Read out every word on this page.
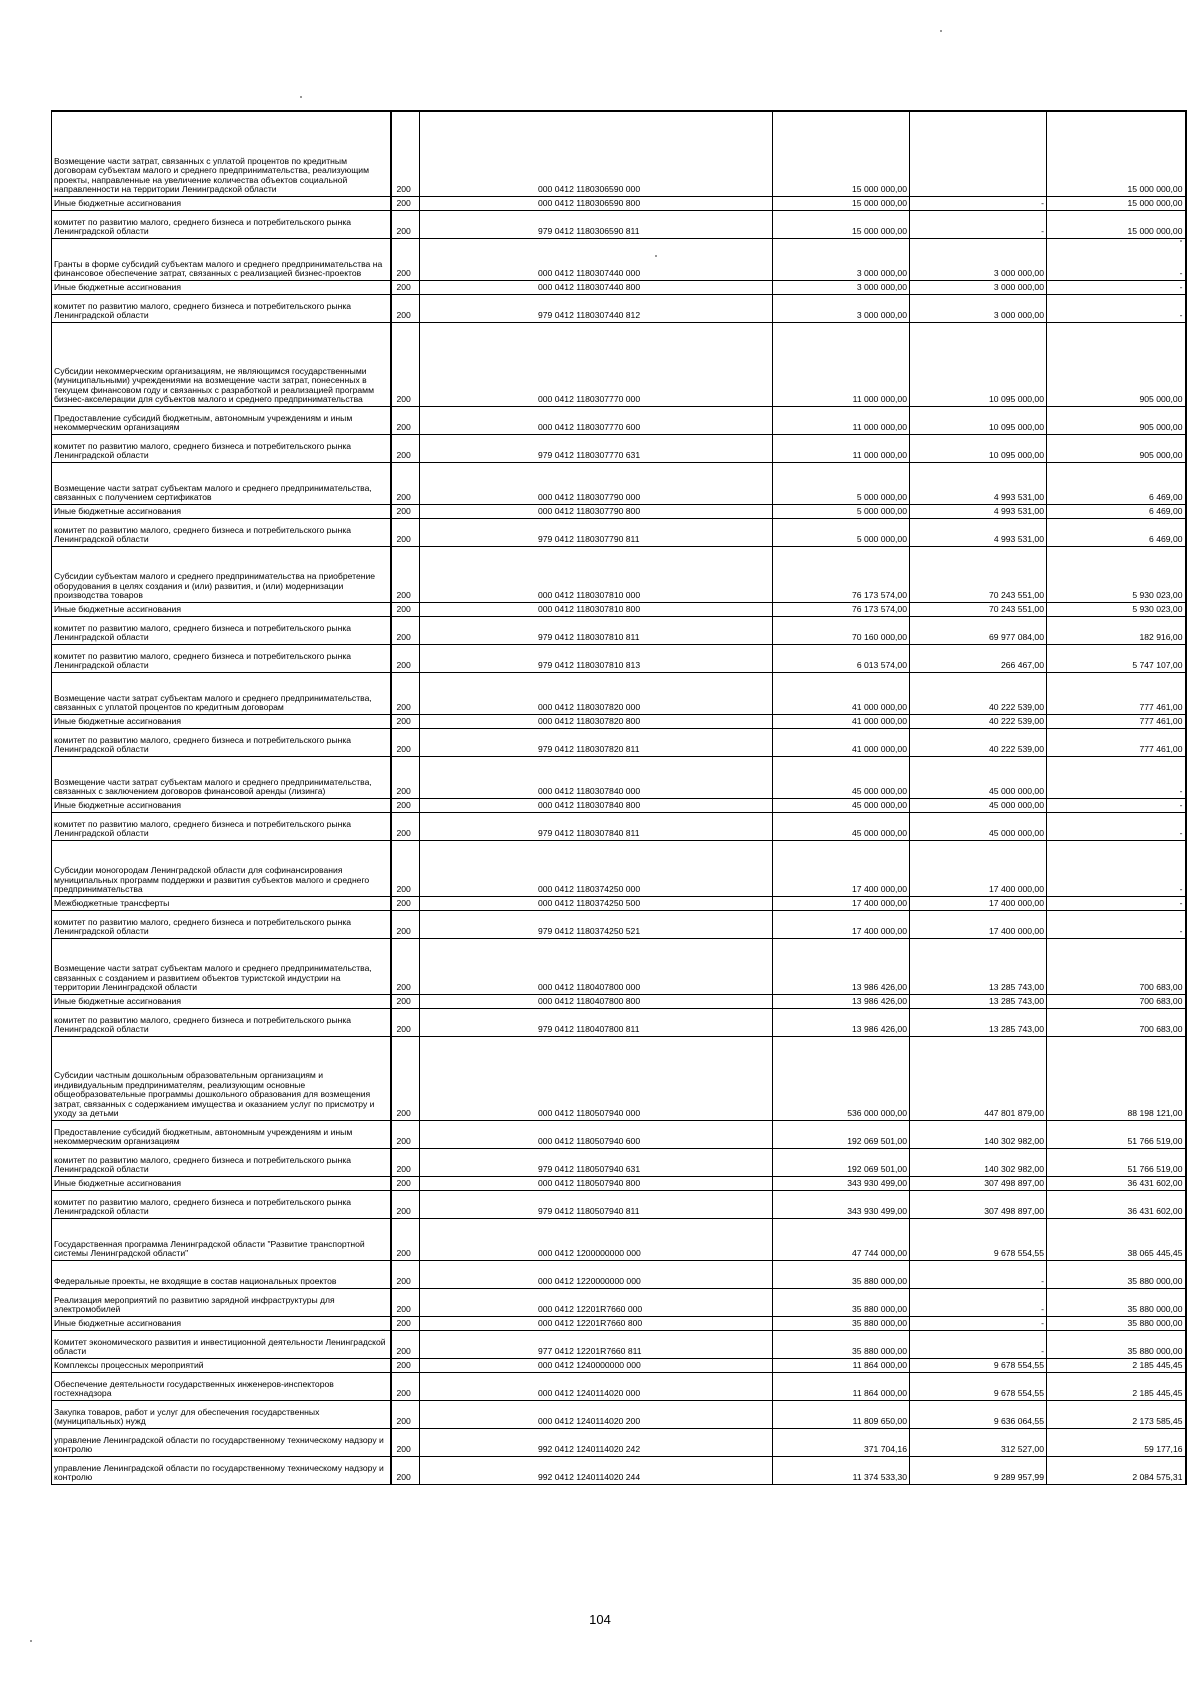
Возмещение части затрат, связанных с уплатой процентов по кредитным договорам субъектам малого и среднего предпринимательства, реализующим проекты, направленные на увеличение количества объектов социальной направленности на территории Ленинградской области	200	000 0412 1180306590 000	15 000 000,00		15 000 000,00
Иные бюджетные ассигнования	200	000 0412 1180306590 800	15 000 000,00	-	15 000 000,00
комитет по развитию малого, среднего бизнеса и потребительского рынка Ленинградской области	200	979 0412 1180306590 811	15 000 000,00	-	15 000 000,00
Гранты в форме субсидий субъектам малого и среднего предпринимательства на финансовое обеспечение затрат, связанных с реализацией бизнес-проектов	200	000 0412 1180307440 000	3 000 000,00	3 000 000,00	-
Иные бюджетные ассигнования	200	000 0412 1180307440 800	3 000 000,00	3 000 000,00	-
комитет по развитию малого, среднего бизнеса и потребительского рынка Ленинградской области	200	979 0412 1180307440 812	3 000 000,00	3 000 000,00	-
Субсидии некоммерческим организациям, не являющимся государственными (муниципальными) учреждениями на возмещение части затрат, понесенных в текущем финансовом году и связанных с разработкой и реализацией программ бизнес-акселерации для субъектов малого и среднего предпринимательства	200	000 0412 1180307770 000	11 000 000,00	10 095 000,00	905 000,00
Предоставление субсидий бюджетным, автономным учреждениям и иным некоммерческим организациям	200	000 0412 1180307770 600	11 000 000,00	10 095 000,00	905 000,00
комитет по развитию малого, среднего бизнеса и потребительского рынка Ленинградской области	200	979 0412 1180307770 631	11 000 000,00	10 095 000,00	905 000,00
Возмещение части затрат субъектам малого и среднего предпринимательства, связанных с получением сертификатов	200	000 0412 1180307790 000	5 000 000,00	4 993 531,00	6 469,00
Иные бюджетные ассигнования	200	000 0412 1180307790 800	5 000 000,00	4 993 531,00	6 469,00
комитет по развитию малого, среднего бизнеса и потребительского рынка Ленинградской области	200	979 0412 1180307790 811	5 000 000,00	4 993 531,00	6 469,00
Субсидии субъектам малого и среднего предпринимательства на приобретение оборудования в целях создания и (или) развития, и (или) модернизации производства товаров	200	000 0412 1180307810 000	76 173 574,00	70 243 551,00	5 930 023,00
Иные бюджетные ассигнования	200	000 0412 1180307810 800	76 173 574,00	70 243 551,00	5 930 023,00
комитет по развитию малого, среднего бизнеса и потребительского рынка Ленинградской области	200	979 0412 1180307810 811	70 160 000,00	69 977 084,00	182 916,00
комитет по развитию малого, среднего бизнеса и потребительского рынка Ленинградской области	200	979 0412 1180307810 813	6 013 574,00	266 467,00	5 747 107,00
Возмещение части затрат субъектам малого и среднего предпринимательства, связанных с уплатой процентов по кредитным договорам	200	000 0412 1180307820 000	41 000 000,00	40 222 539,00	777 461,00
Иные бюджетные ассигнования	200	000 0412 1180307820 800	41 000 000,00	40 222 539,00	777 461,00
комитет по развитию малого, среднего бизнеса и потребительского рынка Ленинградской области	200	979 0412 1180307820 811	41 000 000,00	40 222 539,00	777 461,00
Возмещение части затрат субъектам малого и среднего предпринимательства, связанных с заключением договоров финансовой аренды (лизинга)	200	000 0412 1180307840 000	45 000 000,00	45 000 000,00	-
Иные бюджетные ассигнования	200	000 0412 1180307840 800	45 000 000,00	45 000 000,00	-
комитет по развитию малого, среднего бизнеса и потребительского рынка Ленинградской области	200	979 0412 1180307840 811	45 000 000,00	45 000 000,00	-
Субсидии моногородам Ленинградской области для софинансирования муниципальных программ поддержки и развития субъектов малого и среднего предпринимательства	200	000 0412 1180374250 000	17 400 000,00	17 400 000,00	-
Межбюджетные трансферты	200	000 0412 1180374250 500	17 400 000,00	17 400 000,00	-
комитет по развитию малого, среднего бизнеса и потребительского рынка Ленинградской области	200	979 0412 1180374250 521	17 400 000,00	17 400 000,00	-
Возмещение части затрат субъектам малого и среднего предпринимательства, связанных с созданием и развитием объектов туристской индустрии на территории Ленинградской области	200	000 0412 1180407800 000	13 986 426,00	13 285 743,00	700 683,00
Иные бюджетные ассигнования	200	000 0412 1180407800 800	13 986 426,00	13 285 743,00	700 683,00
комитет по развитию малого, среднего бизнеса и потребительского рынка Ленинградской области	200	979 0412 1180407800 811	13 986 426,00	13 285 743,00	700 683,00
Субсидии частным дошкольным образовательным организациям и индивидуальным предпринимателям, реализующим основные общеобразовательные программы дошкольного образования для возмещения затрат, связанных с содержанием имущества и оказанием услуг по присмотру и уходу за детьми	200	000 0412 1180507940 000	536 000 000,00	447 801 879,00	88 198 121,00
Предоставление субсидий бюджетным, автономным учреждениям и иным некоммерческим организациям	200	000 0412 1180507940 600	192 069 501,00	140 302 982,00	51 766 519,00
комитет по развитию малого, среднего бизнеса и потребительского рынка Ленинградской области	200	979 0412 1180507940 631	192 069 501,00	140 302 982,00	51 766 519,00
Иные бюджетные ассигнования	200	000 0412 1180507940 800	343 930 499,00	307 498 897,00	36 431 602,00
комитет по развитию малого, среднего бизнеса и потребительского рынка Ленинградской области	200	979 0412 1180507940 811	343 930 499,00	307 498 897,00	36 431 602,00
Государственная программа Ленинградской области "Развитие транспортной системы Ленинградской области"	200	000 0412 1200000000 000	47 744 000,00	9 678 554,55	38 065 445,45
Федеральные проекты, не входящие в состав национальных проектов	200	000 0412 1220000000 000	35 880 000,00	-	35 880 000,00
Реализация мероприятий по развитию зарядной инфраструктуры для электромобилей	200	000 0412 12201R7660 000	35 880 000,00	-	35 880 000,00
Иные бюджетные ассигнования	200	000 0412 12201R7660 800	35 880 000,00	-	35 880 000,00
Комитет экономического развития и инвестиционной деятельности Ленинградской области	200	977 0412 12201R7660 811	35 880 000,00	-	35 880 000,00
Комплексы процессных мероприятий	200	000 0412 1240000000 000	11 864 000,00	9 678 554,55	2 185 445,45
Обеспечение деятельности государственных инженеров-инспекторов гостехнадзора	200	000 0412 1240114020 000	11 864 000,00	9 678 554,55	2 185 445,45
Закупка товаров, работ и услуг для обеспечения государственных (муниципальных) нужд	200	000 0412 1240114020 200	11 809 650,00	9 636 064,55	2 173 585,45
управление Ленинградской области по государственному техническому надзору и контролю	200	992 0412 1240114020 242	371 704,16	312 527,00	59 177,16
управление Ленинградской области по государственному техническому надзору и контролю	200	992 0412 1240114020 244	11 374 533,30	9 289 957,99	2 084 575,31
104
